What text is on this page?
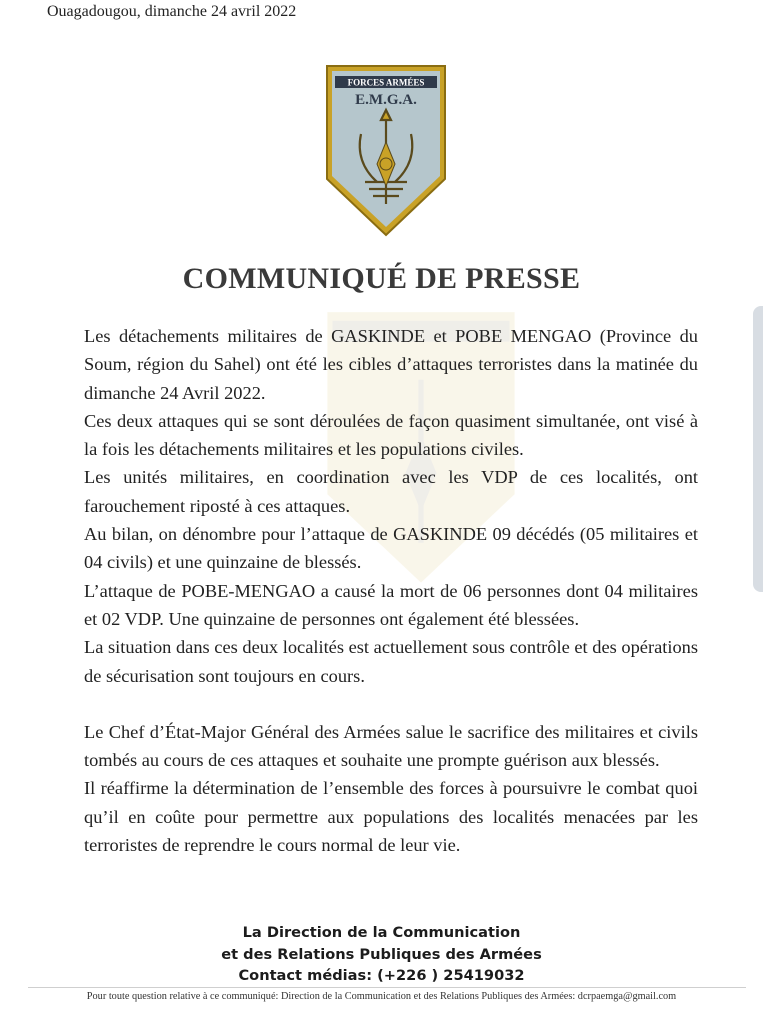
Ouagadougou, dimanche 24 avril 2022
FORCES ARMÉES
E.M.G.A.
COMMUNIQUÉ DE PRESSE

Les détachements militaires de GASKINDE et POBE MENGAO (Province du Soum, région du Sahel) ont été les cibles d’attaques terroristes dans la matinée du dimanche 24 Avril 2022.

Ces deux attaques qui se sont déroulées de façon quasiment simultanée, ont visé à la fois les détachements militaires et les populations civiles.

Les unités militaires, en coordination avec les VDP de ces localités, ont farouchement riposté à ces attaques.

Au bilan, on dénombre pour l’attaque de GASKINDE 09 décédés (05 militaires et 04 civils) et une quinzaine de blessés.

L’attaque de POBE-MENGAO a causé la mort de 06 personnes dont 04 militaires et 02 VDP. Une quinzaine de personnes ont également été blessées.

La situation dans ces deux localités est actuellement sous contrôle et des opérations de sécurisation sont toujours en cours.

Le Chef d’État-Major Général des Armées salue le sacrifice des militaires et civils tombés au cours de ces attaques et souhaite une prompte guérison aux blessés.

Il réaffirme la détermination de l’ensemble des forces à poursuivre le combat quoi qu’il en coûte pour permettre aux populations des localités menacées par les terroristes de reprendre le cours normal de leur vie.

La Direction de la Communication
et des Relations Publiques des Armées
Contact médias: (+226 ) 25419032
Pour toute question relative à ce communiqué: Direction de la Communication et des Relations Publiques des Armées: dcrpaemga@gmail.com
